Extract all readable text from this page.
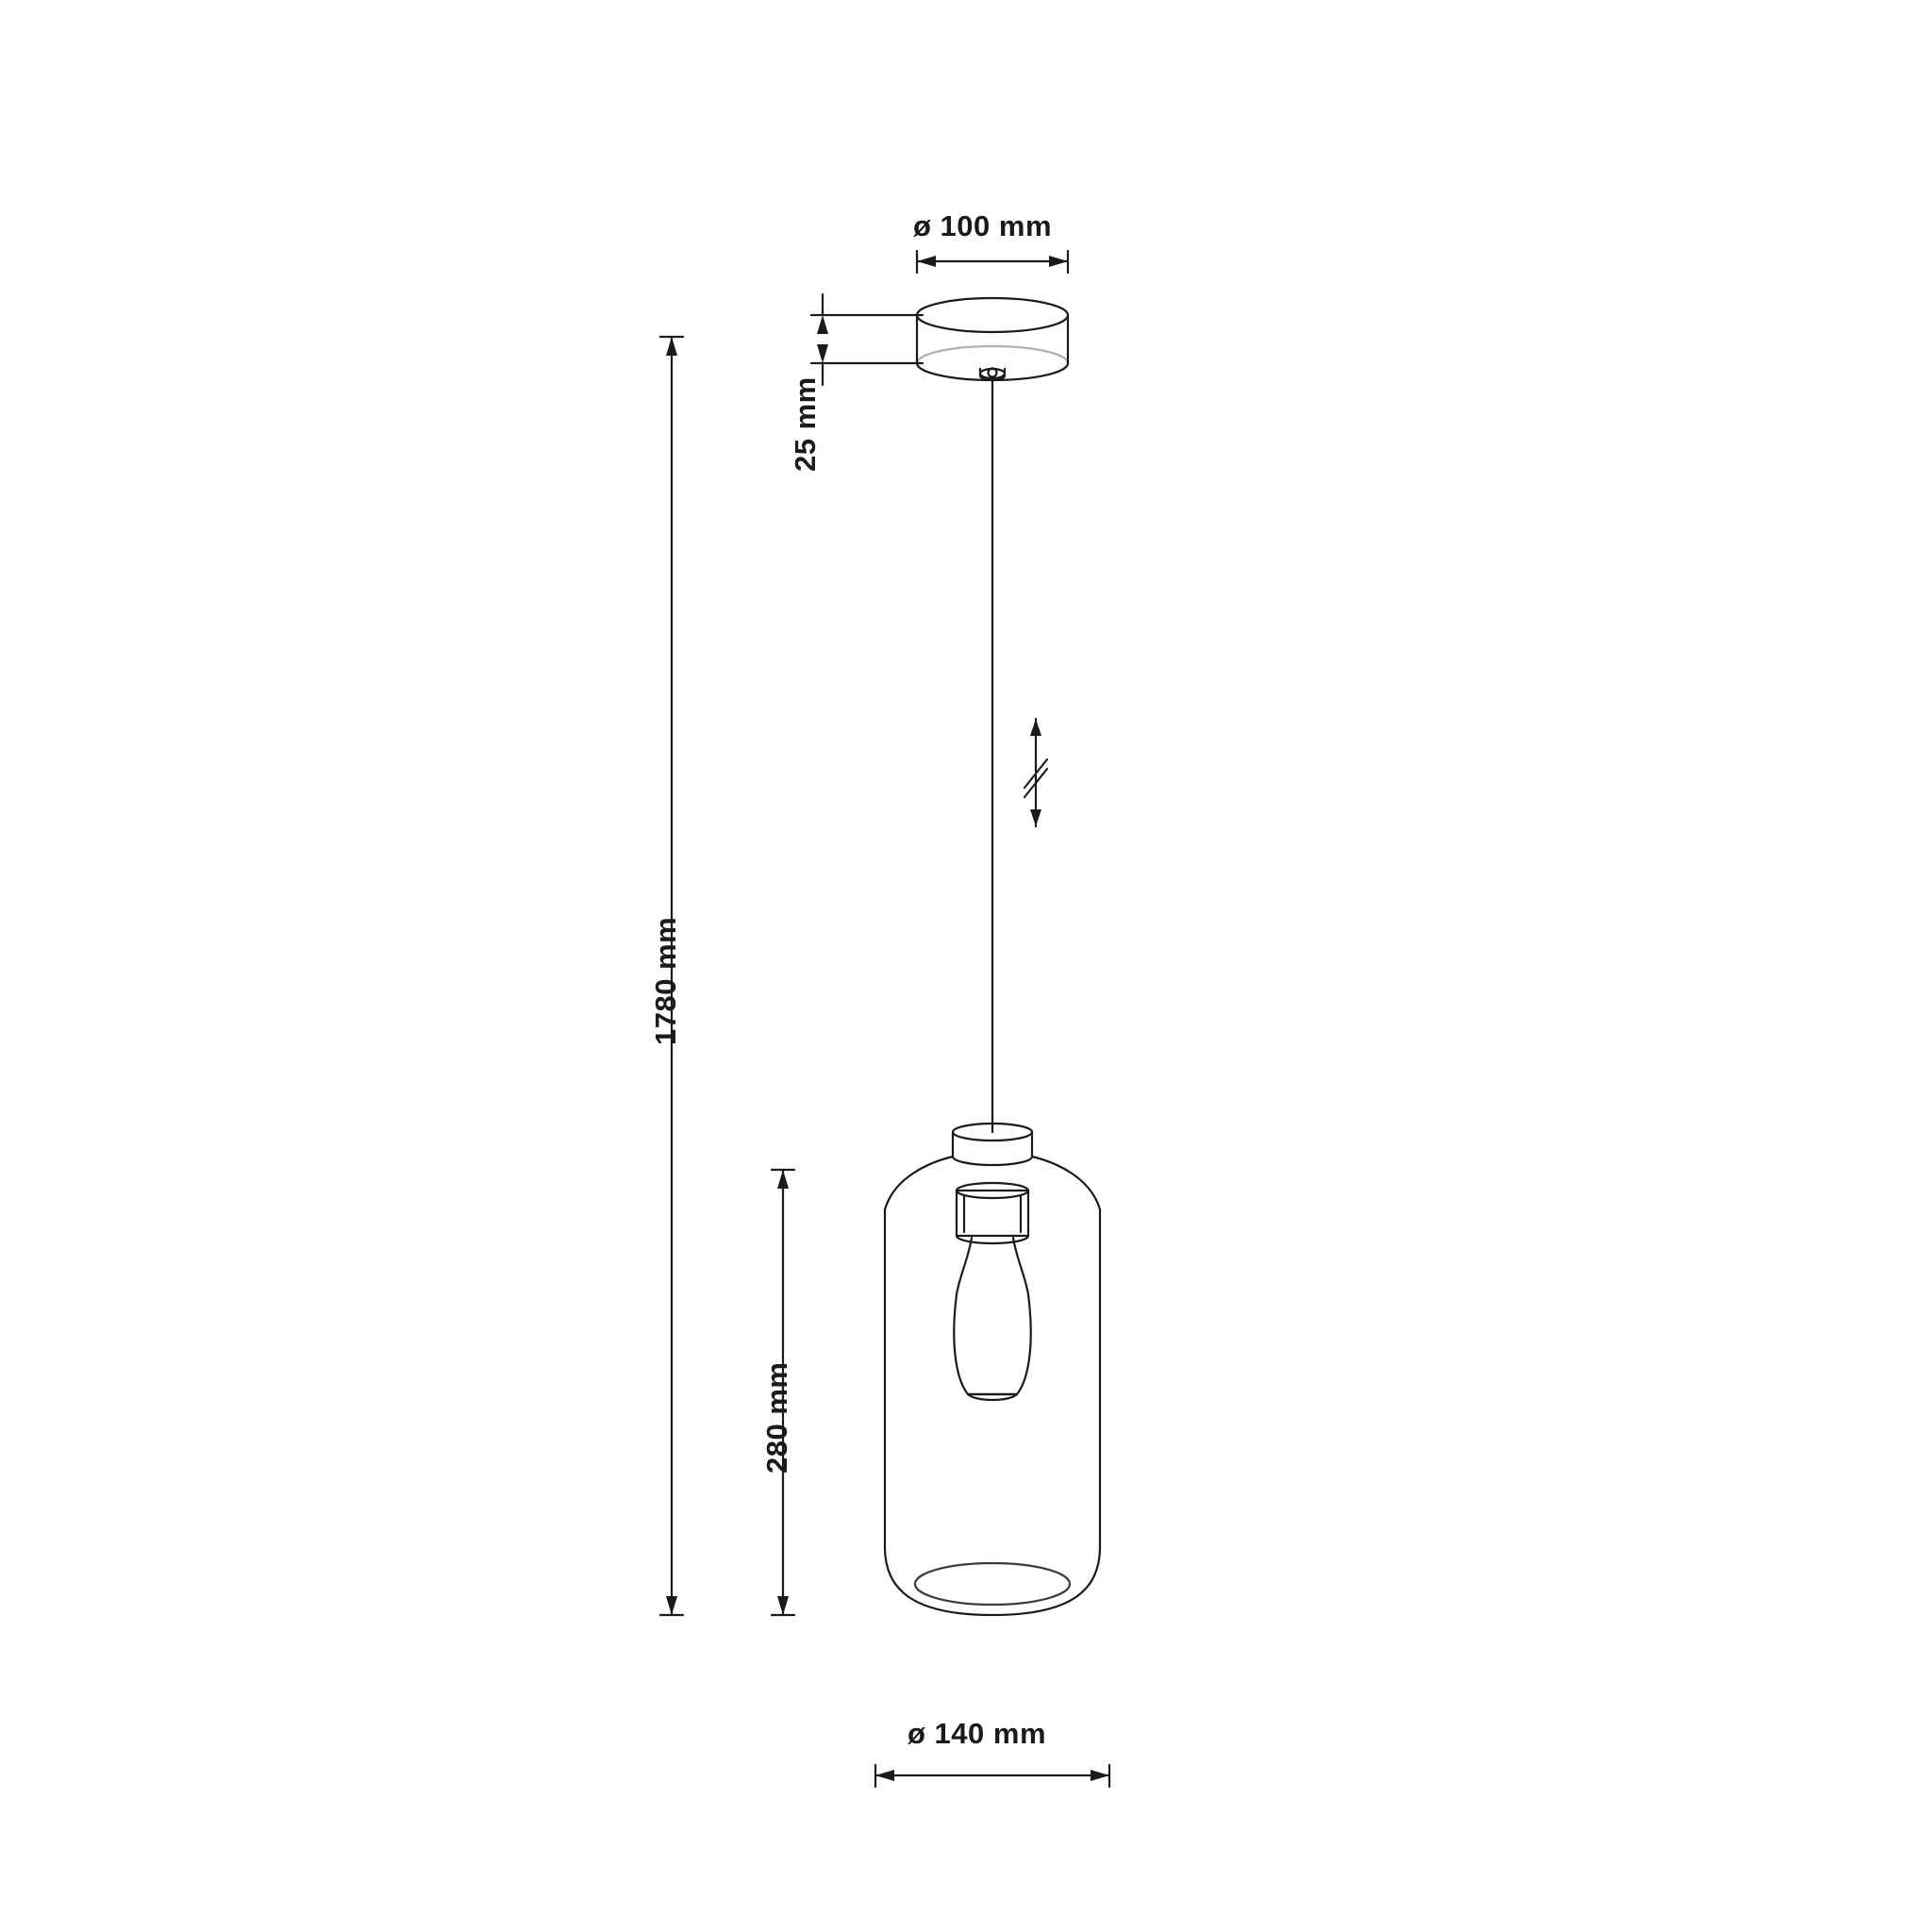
ø 100 mm
25 mm
1780 mm
280 mm
ø 140 mm
